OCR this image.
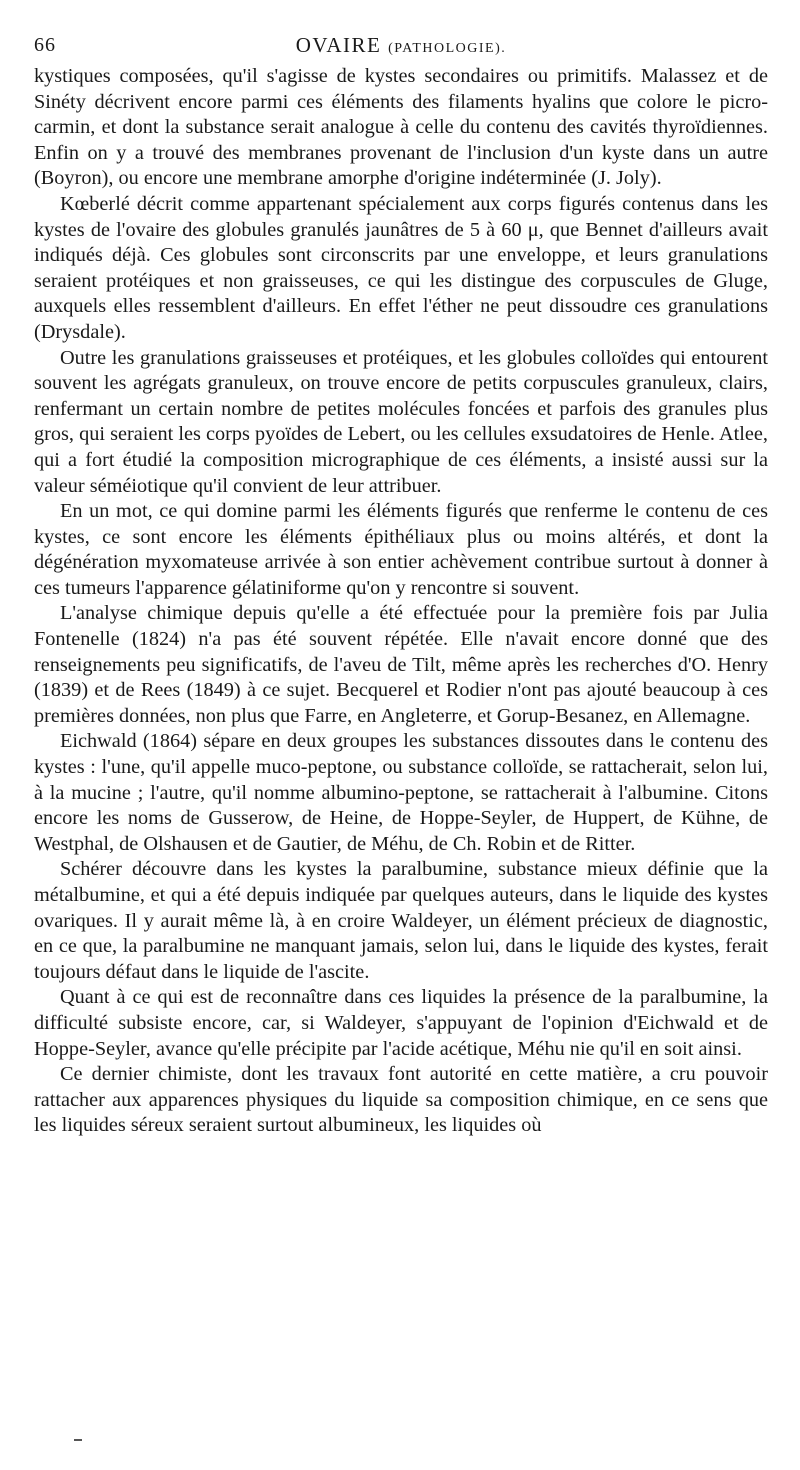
66	OVAIRE (PATHOLOGIE).

kystiques composées, qu'il s'agisse de kystes secondaires ou primitifs. Malassez et de Sinéty décrivent encore parmi ces éléments des filaments hyalins que colore le picro-carmin, et dont la substance serait analogue à celle du contenu des cavités thyroïdiennes. Enfin on y a trouvé des membranes provenant de l'inclusion d'un kyste dans un autre (Boyron), ou encore une membrane amorphe d'origine indéterminée (J. Joly).

Kœberlé décrit comme appartenant spécialement aux corps figurés contenus dans les kystes de l'ovaire des globules granulés jaunâtres de 5 à 60 μ, que Bennet d'ailleurs avait indiqués déjà. Ces globules sont circonscrits par une enveloppe, et leurs granulations seraient protéiques et non graisseuses, ce qui les distingue des corpuscules de Gluge, auxquels elles ressemblent d'ailleurs. En effet l'éther ne peut dissoudre ces granulations (Drysdale).

Outre les granulations graisseuses et protéiques, et les globules colloïdes qui entourent souvent les agrégats granuleux, on trouve encore de petits corpuscules granuleux, clairs, renfermant un certain nombre de petites molécules foncées et parfois des granules plus gros, qui seraient les corps pyoïdes de Lebert, ou les cellules exsudatoires de Henle. Atlee, qui a fort étudié la composition micrographique de ces éléments, a insisté aussi sur la valeur séméiotique qu'il convient de leur attribuer.

En un mot, ce qui domine parmi les éléments figurés que renferme le contenu de ces kystes, ce sont encore les éléments épithéliaux plus ou moins altérés, et dont la dégénération myxomateuse arrivée à son entier achèvement contribue surtout à donner à ces tumeurs l'apparence gélatiniforme qu'on y rencontre si souvent.

L'analyse chimique depuis qu'elle a été effectuée pour la première fois par Julia Fontenelle (1824) n'a pas été souvent répétée. Elle n'avait encore donné que des renseignements peu significatifs, de l'aveu de Tilt, même après les recherches d'O. Henry (1839) et de Rees (1849) à ce sujet. Becquerel et Rodier n'ont pas ajouté beaucoup à ces premières données, non plus que Farre, en Angleterre, et Gorup-Besanez, en Allemagne.

Eichwald (1864) sépare en deux groupes les substances dissoutes dans le contenu des kystes : l'une, qu'il appelle muco-peptone, ou substance colloïde, se rattacherait, selon lui, à la mucine ; l'autre, qu'il nomme albumino-peptone, se rattacherait à l'albumine. Citons encore les noms de Gusserow, de Heine, de Hoppe-Seyler, de Huppert, de Kühne, de Westphal, de Olshausen et de Gautier, de Méhu, de Ch. Robin et de Ritter.

Schérer découvre dans les kystes la paralbumine, substance mieux définie que la métalbumine, et qui a été depuis indiquée par quelques auteurs, dans le liquide des kystes ovariques. Il y aurait même là, à en croire Waldeyer, un élément précieux de diagnostic, en ce que, la paralbumine ne manquant jamais, selon lui, dans le liquide des kystes, ferait toujours défaut dans le liquide de l'ascite.

Quant à ce qui est de reconnaître dans ces liquides la présence de la paralbumine, la difficulté subsiste encore, car, si Waldeyer, s'appuyant de l'opinion d'Eichwald et de Hoppe-Seyler, avance qu'elle précipite par l'acide acétique, Méhu nie qu'il en soit ainsi.

Ce dernier chimiste, dont les travaux font autorité en cette matière, a cru pouvoir rattacher aux apparences physiques du liquide sa composition chimique, en ce sens que les liquides séreux seraient surtout albumineux, les liquides où
